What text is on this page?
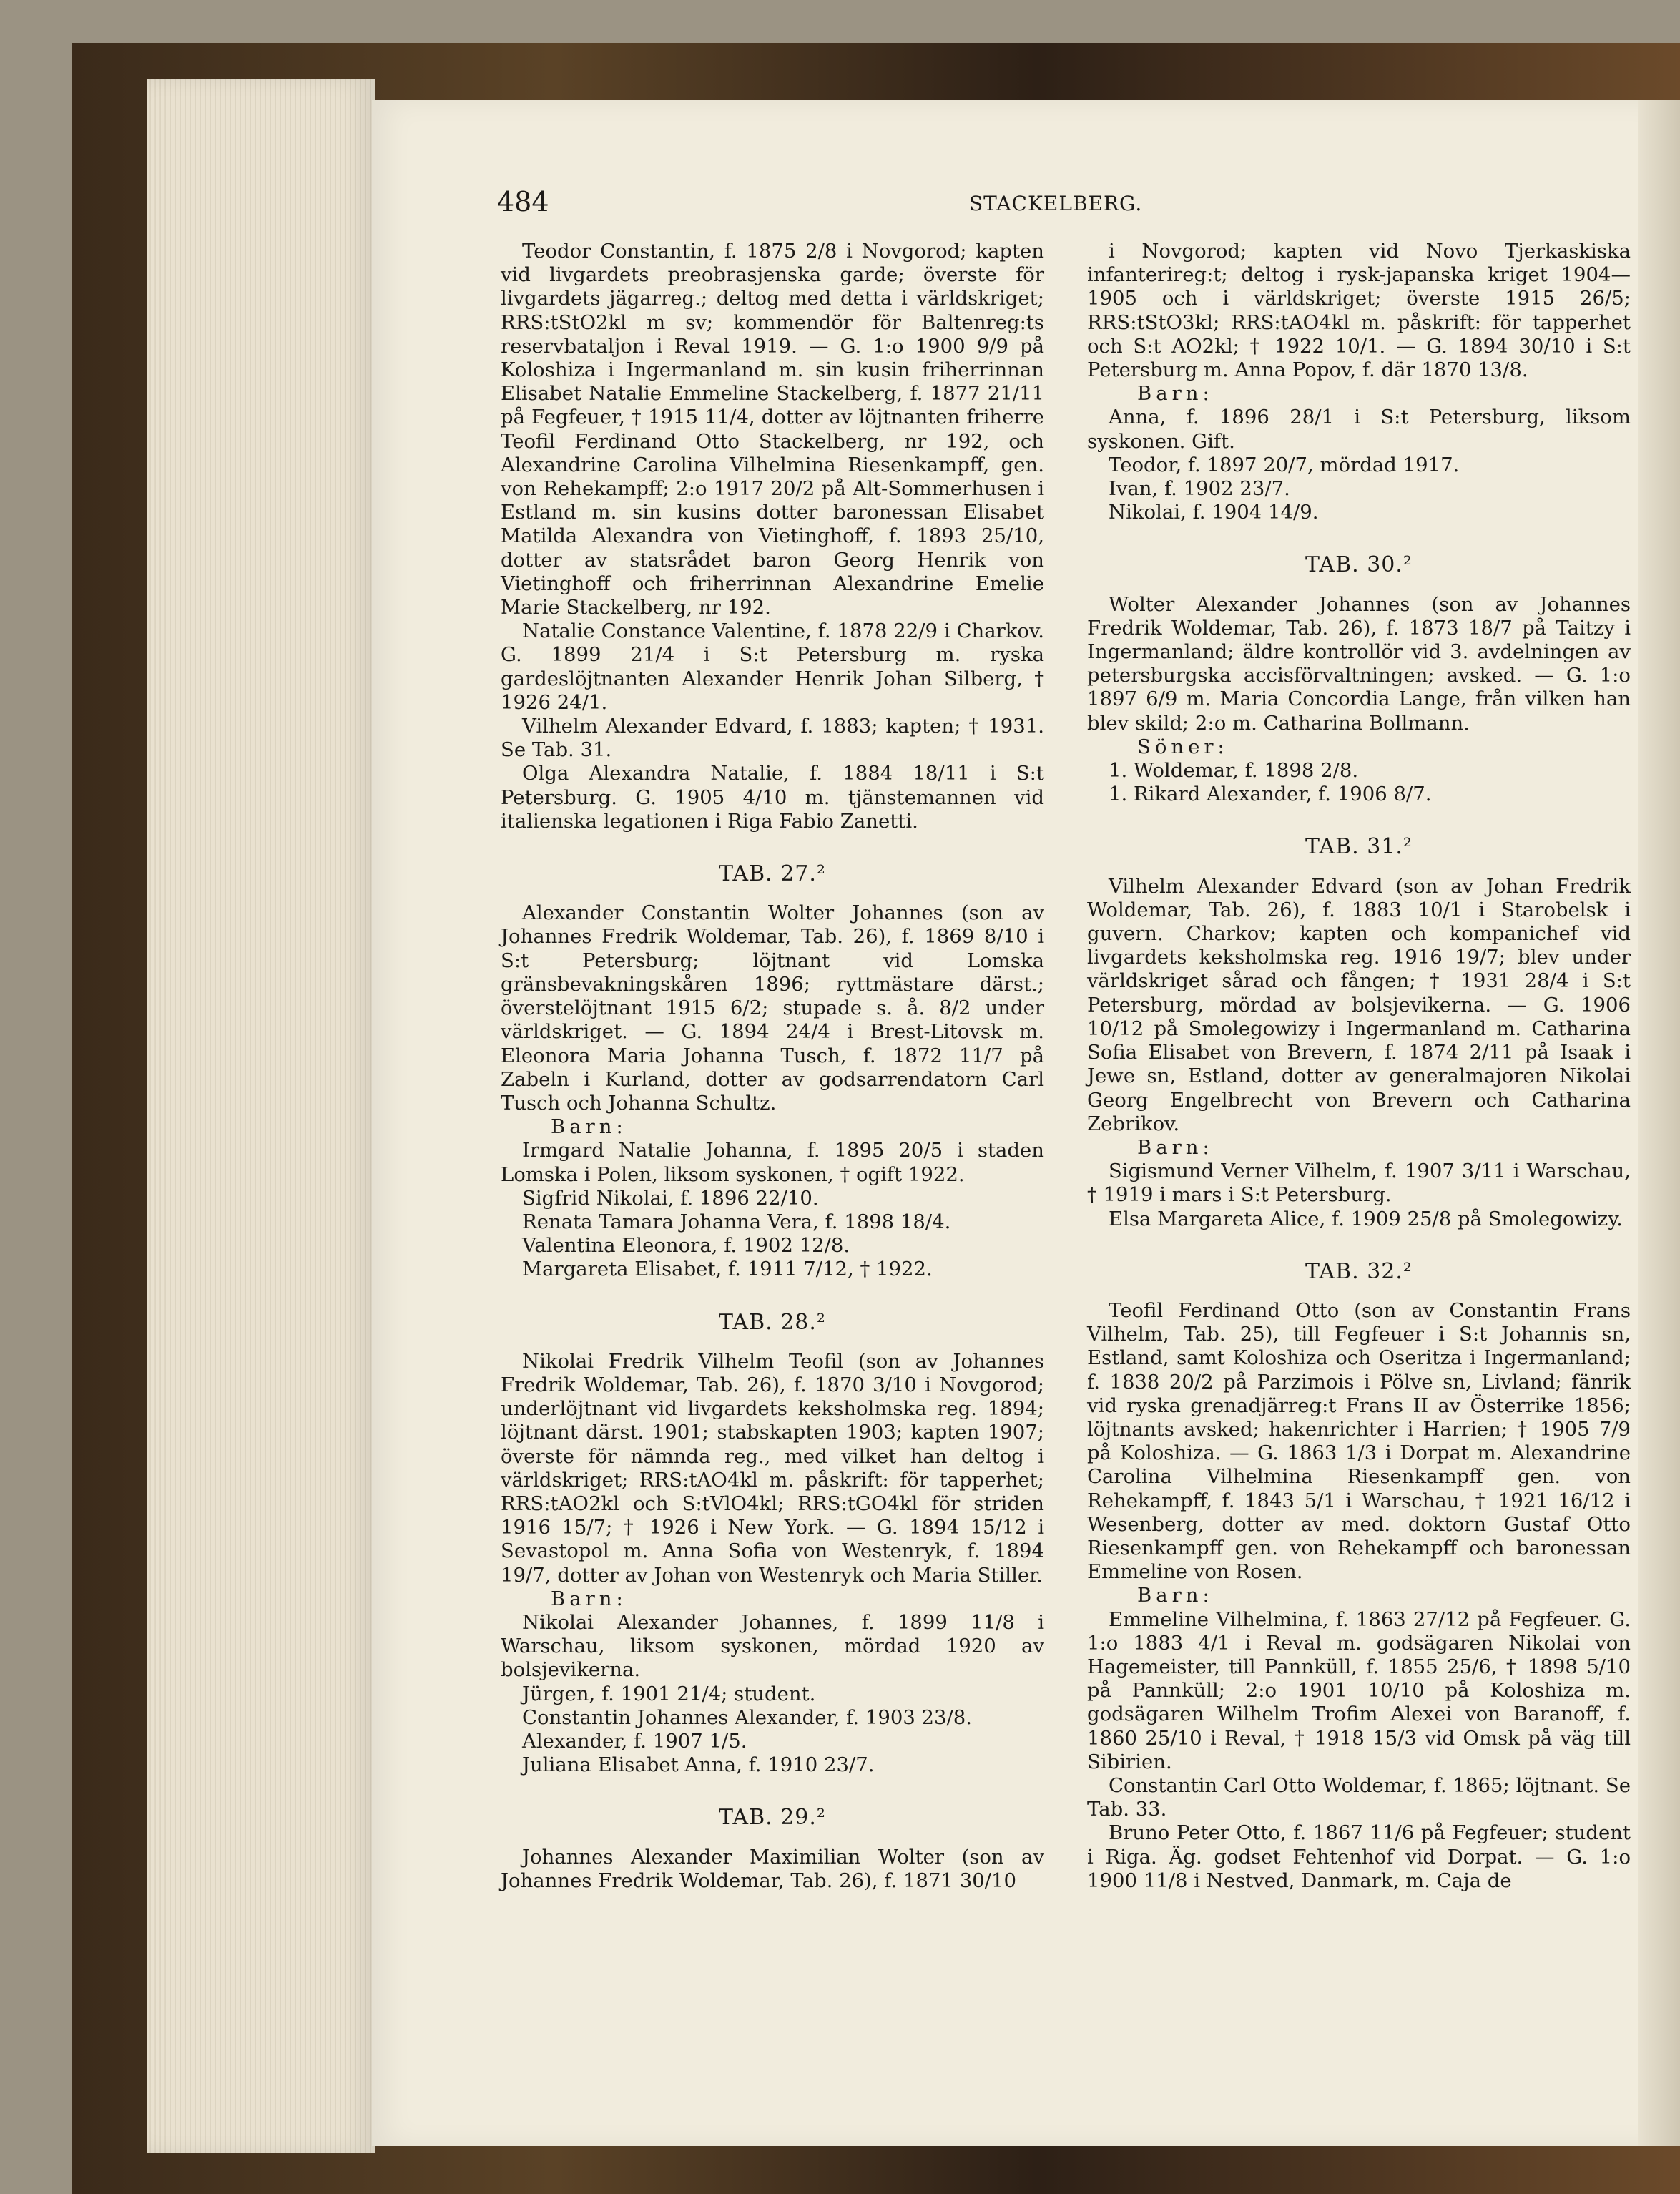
484	STACKELBERG.

Teodor Constantin, f. 1875 2/8 i Novgorod; kapten vid livgardets preobrasjenska garde; överste för livgardets jägarreg.; deltog med detta i världskriget; RRS:tStO2kl m sv; kommendör för Baltenreg:ts reservbataljon i Reval 1919. — G. 1:o 1900 9/9 på Koloshiza i Ingermanland m. sin kusin friherrinnan Elisabet Natalie Emmeline Stackelberg, f. 1877 21/11 på Fegfeuer, † 1915 11/4, dotter av löjtnanten friherre Teofil Ferdinand Otto Stackelberg, nr 192, och Alexandrine Carolina Vilhelmina Riesenkampff, gen. von Rehekampff; 2:o 1917 20/2 på Alt-Sommerhusen i Estland m. sin kusins dotter baronessan Elisabet Matilda Alexandra von Vietinghoff, f. 1893 25/10, dotter av statsrådet baron Georg Henrik von Vietinghoff och friherrinnan Alexandrine Emelie Marie Stackelberg, nr 192.

Natalie Constance Valentine, f. 1878 22/9 i Charkov. G. 1899 21/4 i S:t Petersburg m. ryska gardeslöjtnanten Alexander Henrik Johan Silberg, † 1926 24/1.

Vilhelm Alexander Edvard, f. 1883; kapten; † 1931. Se Tab. 31.

Olga Alexandra Natalie, f. 1884 18/11 i S:t Petersburg. G. 1905 4/10 m. tjänstemannen vid italienska legationen i Riga Fabio Zanetti.

TAB. 27.²

Alexander Constantin Wolter Johannes (son av Johannes Fredrik Woldemar, Tab. 26), f. 1869 8/10 i S:t Petersburg; löjtnant vid Lomska gränsbevakningskåren 1896; ryttmästare därst.; överstelöjtnant 1915 6/2; stupade s. å. 8/2 under världskriget. — G. 1894 24/4 i Brest-Litovsk m. Eleonora Maria Johanna Tusch, f. 1872 11/7 på Zabeln i Kurland, dotter av godsarrendatorn Carl Tusch och Johanna Schultz.

Barn:

Irmgard Natalie Johanna, f. 1895 20/5 i staden Lomska i Polen, liksom syskonen, † ogift 1922.

Sigfrid Nikolai, f. 1896 22/10.

Renata Tamara Johanna Vera, f. 1898 18/4.

Valentina Eleonora, f. 1902 12/8.

Margareta Elisabet, f. 1911 7/12, † 1922.

TAB. 28.²

Nikolai Fredrik Vilhelm Teofil (son av Johannes Fredrik Woldemar, Tab. 26), f. 1870 3/10 i Novgorod; underlöjtnant vid livgardets keksholmska reg. 1894; löjtnant därst. 1901; stabskapten 1903; kapten 1907; överste för nämnda reg., med vilket han deltog i världskriget; RRS:tAO4kl m. påskrift: för tapperhet; RRS:tAO2kl och S:tVlO4kl; RRS:tGO4kl för striden 1916 15/7; † 1926 i New York. — G. 1894 15/12 i Sevastopol m. Anna Sofia von Westenryk, f. 1894 19/7, dotter av Johan von Westenryk och Maria Stiller.

Barn:

Nikolai Alexander Johannes, f. 1899 11/8 i Warschau, liksom syskonen, mördad 1920 av bolsjevikerna.

Jürgen, f. 1901 21/4; student.

Constantin Johannes Alexander, f. 1903 23/8.

Alexander, f. 1907 1/5.

Juliana Elisabet Anna, f. 1910 23/7.

TAB. 29.²

Johannes Alexander Maximilian Wolter (son av Johannes Fredrik Woldemar, Tab. 26), f. 1871 30/10

i Novgorod; kapten vid Novo Tjerkaskiska infanterireg:t; deltog i rysk-japanska kriget 1904—1905 och i världskriget; överste 1915 26/5; RRS:tStO3kl; RRS:tAO4kl m. påskrift: för tapperhet och S:t AO2kl; † 1922 10/1. — G. 1894 30/10 i S:t Petersburg m. Anna Popov, f. där 1870 13/8.

Barn:

Anna, f. 1896 28/1 i S:t Petersburg, liksom syskonen. Gift.

Teodor, f. 1897 20/7, mördad 1917.

Ivan, f. 1902 23/7.

Nikolai, f. 1904 14/9.

TAB. 30.²

Wolter Alexander Johannes (son av Johannes Fredrik Woldemar, Tab. 26), f. 1873 18/7 på Taitzy i Ingermanland; äldre kontrollör vid 3. avdelningen av petersburgska accisförvaltningen; avsked. — G. 1:o 1897 6/9 m. Maria Concordia Lange, från vilken han blev skild; 2:o m. Catharina Bollmann.

Söner:

1. Woldemar, f. 1898 2/8.

1. Rikard Alexander, f. 1906 8/7.

TAB. 31.²

Vilhelm Alexander Edvard (son av Johan Fredrik Woldemar, Tab. 26), f. 1883 10/1 i Starobelsk i guvern. Charkov; kapten och kompanichef vid livgardets keksholmska reg. 1916 19/7; blev under världskriget sårad och fången; † 1931 28/4 i S:t Petersburg, mördad av bolsjevikerna. — G. 1906 10/12 på Smolegowizy i Ingermanland m. Catharina Sofia Elisabet von Brevern, f. 1874 2/11 på Isaak i Jewe sn, Estland, dotter av generalmajoren Nikolai Georg Engelbrecht von Brevern och Catharina Zebrikov.

Barn:

Sigismund Verner Vilhelm, f. 1907 3/11 i Warschau, † 1919 i mars i S:t Petersburg.

Elsa Margareta Alice, f. 1909 25/8 på Smolegowizy.

TAB. 32.²

Teofil Ferdinand Otto (son av Constantin Frans Vilhelm, Tab. 25), till Fegfeuer i S:t Johannis sn, Estland, samt Koloshiza och Oseritza i Ingermanland; f. 1838 20/2 på Parzimois i Pölve sn, Livland; fänrik vid ryska grenadjärreg:t Frans II av Österrike 1856; löjtnants avsked; hakenrichter i Harrien; † 1905 7/9 på Koloshiza. — G. 1863 1/3 i Dorpat m. Alexandrine Carolina Vilhelmina Riesenkampff gen. von Rehekampff, f. 1843 5/1 i Warschau, † 1921 16/12 i Wesenberg, dotter av med. doktorn Gustaf Otto Riesenkampff gen. von Rehekampff och baronessan Emmeline von Rosen.

Barn:

Emmeline Vilhelmina, f. 1863 27/12 på Fegfeuer. G. 1:o 1883 4/1 i Reval m. godsägaren Nikolai von Hagemeister, till Pannküll, f. 1855 25/6, † 1898 5/10 på Pannküll; 2:o 1901 10/10 på Koloshiza m. godsägaren Wilhelm Trofim Alexei von Baranoff, f. 1860 25/10 i Reval, † 1918 15/3 vid Omsk på väg till Sibirien.

Constantin Carl Otto Woldemar, f. 1865; löjtnant. Se Tab. 33.

Bruno Peter Otto, f. 1867 11/6 på Fegfeuer; student i Riga. Äg. godset Fehtenhof vid Dorpat. — G. 1:o 1900 11/8 i Nestved, Danmark, m. Caja de
